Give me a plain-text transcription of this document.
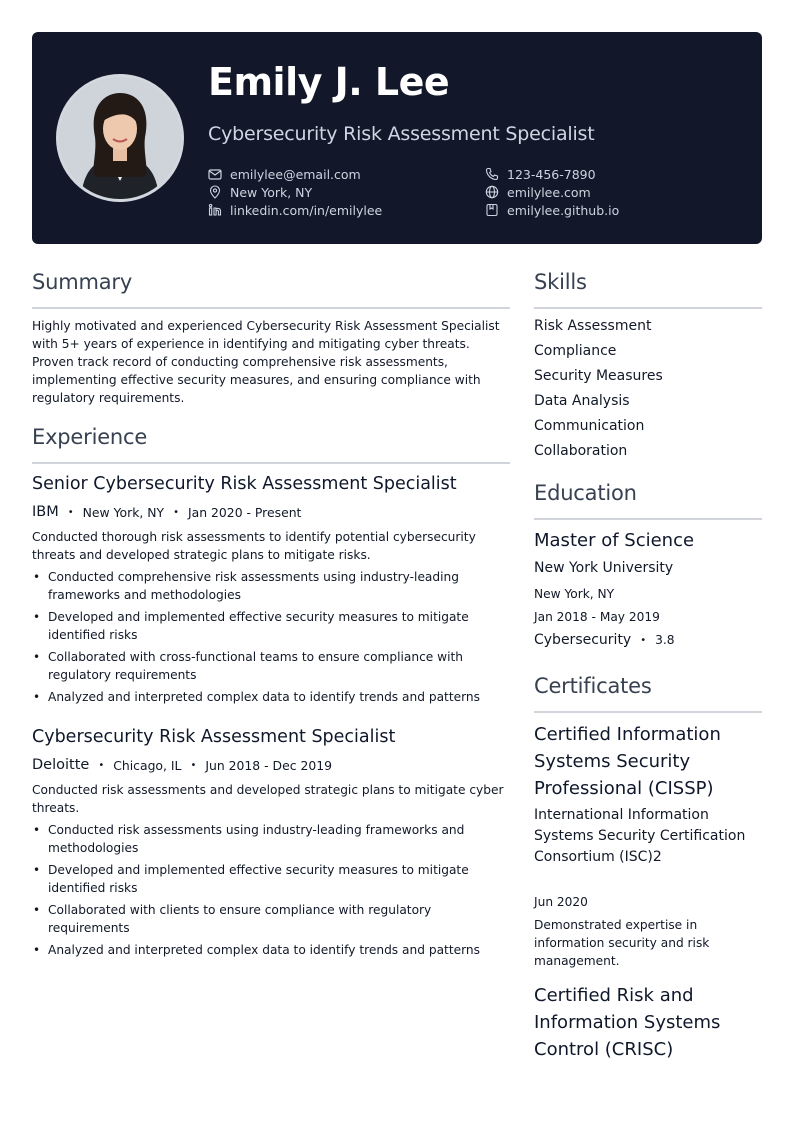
Emily J. Lee

Cybersecurity Risk Assessment Specialist

emilylee@email.com	123-456-7890
New York, NY	emilylee.com
linkedin.com/in/emilylee	emilylee.github.io
Summary

Highly motivated and experienced Cybersecurity Risk Assessment Specialist with 5+ years of experience in identifying and mitigating cyber threats. Proven track record of conducting comprehensive risk assessments, implementing effective security measures, and ensuring compliance with regulatory requirements.

Experience
Senior Cybersecurity Risk Assessment Specialist
IBM • New York, NY • Jan 2020 - Present

Conducted thorough risk assessments to identify potential cybersecurity threats and developed strategic plans to mitigate risks.

• Conducted comprehensive risk assessments using industry-leading frameworks and methodologies
• Developed and implemented effective security measures to mitigate identified risks
• Collaborated with cross-functional teams to ensure compliance with regulatory requirements
• Analyzed and interpreted complex data to identify trends and patterns
Cybersecurity Risk Assessment Specialist
Deloitte • Chicago, IL • Jun 2018 - Dec 2019

Conducted risk assessments and developed strategic plans to mitigate cyber threats.

• Conducted risk assessments using industry-leading frameworks and methodologies
• Developed and implemented effective security measures to mitigate identified risks
• Collaborated with clients to ensure compliance with regulatory requirements
• Analyzed and interpreted complex data to identify trends and patterns
Skills

Risk Assessment

Compliance

Security Measures

Data Analysis

Communication

Collaboration

Education
Master of Science

New York University

New York, NY

Jan 2018 - May 2019

Cybersecurity • 3.8
Certificates
Certified Information Systems Security Professional (CISSP)

International Information Systems Security Certification Consortium (ISC)2

Jun 2020

Demonstrated expertise in information security and risk management.

Certified Risk and Information Systems Control (CRISC)
